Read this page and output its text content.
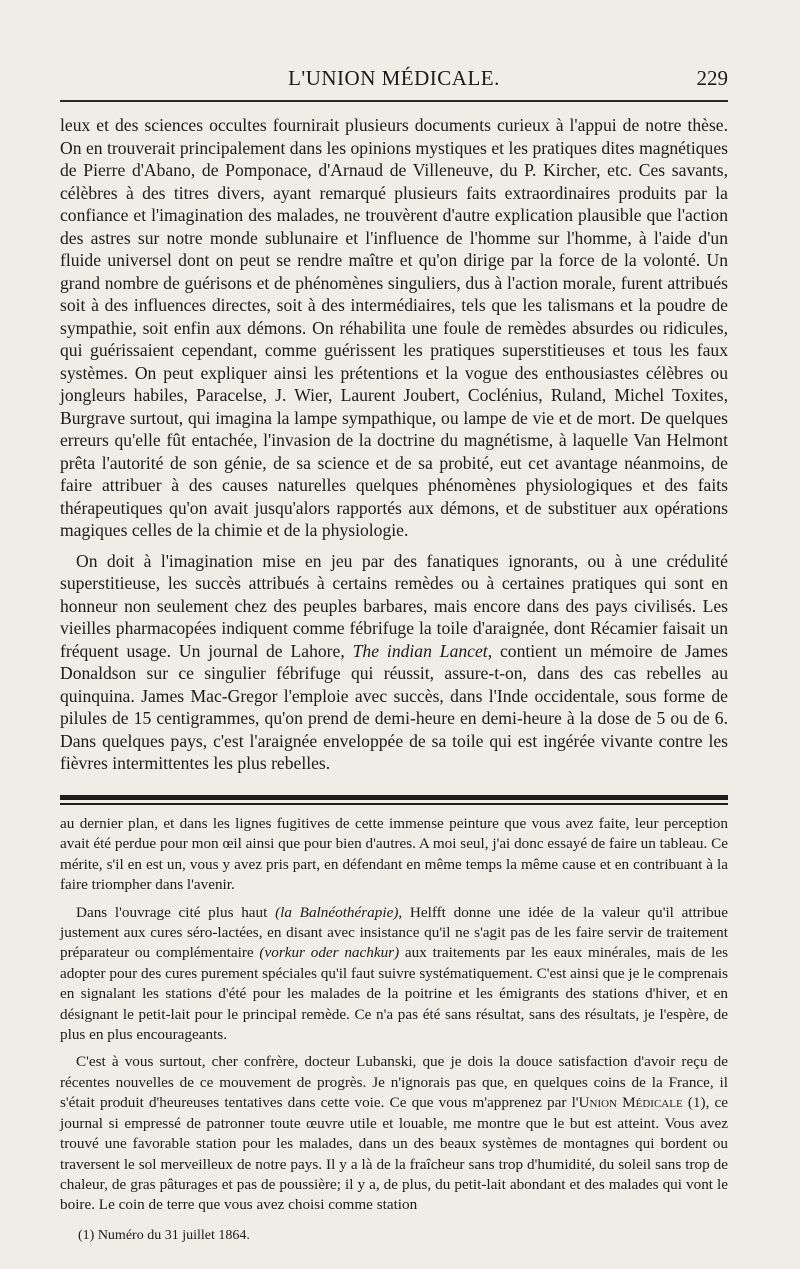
L'UNION MÉDICALE.	229

leux et des sciences occultes fournirait plusieurs documents curieux à l'appui de notre thèse. On en trouverait principalement dans les opinions mystiques et les pratiques dites magnétiques de Pierre d'Abano, de Pomponace, d'Arnaud de Villeneuve, du P. Kircher, etc. Ces savants, célèbres à des titres divers, ayant remarqué plusieurs faits extraordinaires produits par la confiance et l'imagination des malades, ne trouvèrent d'autre explication plausible que l'action des astres sur notre monde sublunaire et l'influence de l'homme sur l'homme, à l'aide d'un fluide universel dont on peut se rendre maître et qu'on dirige par la force de la volonté. Un grand nombre de guérisons et de phénomènes singuliers, dus à l'action morale, furent attribués soit à des influences directes, soit à des intermédiaires, tels que les talismans et la poudre de sympathie, soit enfin aux démons. On réhabilita une foule de remèdes absurdes ou ridicules, qui guérissaient cependant, comme guérissent les pratiques superstitieuses et tous les faux systèmes. On peut expliquer ainsi les prétentions et la vogue des enthousiastes célèbres ou jongleurs habiles, Paracelse, J. Wier, Laurent Joubert, Coclénius, Ruland, Michel Toxites, Burgrave surtout, qui imagina la lampe sympathique, ou lampe de vie et de mort. De quelques erreurs qu'elle fût entachée, l'invasion de la doctrine du magnétisme, à laquelle Van Helmont prêta l'autorité de son génie, de sa science et de sa probité, eut cet avantage néanmoins, de faire attribuer à des causes naturelles quelques phénomènes physiologiques et des faits thérapeutiques qu'on avait jusqu'alors rapportés aux démons, et de substituer aux opérations magiques celles de la chimie et de la physiologie.

On doit à l'imagination mise en jeu par des fanatiques ignorants, ou à une crédulité superstitieuse, les succès attribués à certains remèdes ou à certaines pratiques qui sont en honneur non seulement chez des peuples barbares, mais encore dans des pays civilisés. Les vieilles pharmacopées indiquent comme fébrifuge la toile d'araignée, dont Récamier faisait un fréquent usage. Un journal de Lahore, The indian Lancet, contient un mémoire de James Donaldson sur ce singulier fébrifuge qui réussit, assure-t-on, dans des cas rebelles au quinquina. James Mac-Gregor l'emploie avec succès, dans l'Inde occidentale, sous forme de pilules de 15 centigrammes, qu'on prend de demi-heure en demi-heure à la dose de 5 ou de 6. Dans quelques pays, c'est l'araignée enveloppée de sa toile qui est ingérée vivante contre les fièvres intermittentes les plus rebelles.

au dernier plan, et dans les lignes fugitives de cette immense peinture que vous avez faite, leur perception avait été perdue pour mon œil ainsi que pour bien d'autres. A moi seul, j'ai donc essayé de faire un tableau. Ce mérite, s'il en est un, vous y avez pris part, en défendant en même temps la même cause et en contribuant à la faire triompher dans l'avenir.

Dans l'ouvrage cité plus haut (la Balnéothérapie), Helfft donne une idée de la valeur qu'il attribue justement aux cures séro-lactées, en disant avec insistance qu'il ne s'agit pas de les faire servir de traitement préparateur ou complémentaire (vorkur oder nachkur) aux traitements par les eaux minérales, mais de les adopter pour des cures purement spéciales qu'il faut suivre systématiquement. C'est ainsi que je le comprenais en signalant les stations d'été pour les malades de la poitrine et les émigrants des stations d'hiver, et en désignant le petit-lait pour le principal remède. Ce n'a pas été sans résultat, sans des résultats, je l'espère, de plus en plus encourageants.

C'est à vous surtout, cher confrère, docteur Lubanski, que je dois la douce satisfaction d'avoir reçu de récentes nouvelles de ce mouvement de progrès. Je n'ignorais pas que, en quelques coins de la France, il s'était produit d'heureuses tentatives dans cette voie. Ce que vous m'apprenez par l'Union Médicale (1), ce journal si empressé de patronner toute œuvre utile et louable, me montre que le but est atteint. Vous avez trouvé une favorable station pour les malades, dans un des beaux systèmes de montagnes qui bordent ou traversent le sol merveilleux de notre pays. Il y a là de la fraîcheur sans trop d'humidité, du soleil sans trop de chaleur, de gras pâturages et pas de poussière; il y a, de plus, du petit-lait abondant et des malades qui vont le boire. Le coin de terre que vous avez choisi comme station

(1) Numéro du 31 juillet 1864.
